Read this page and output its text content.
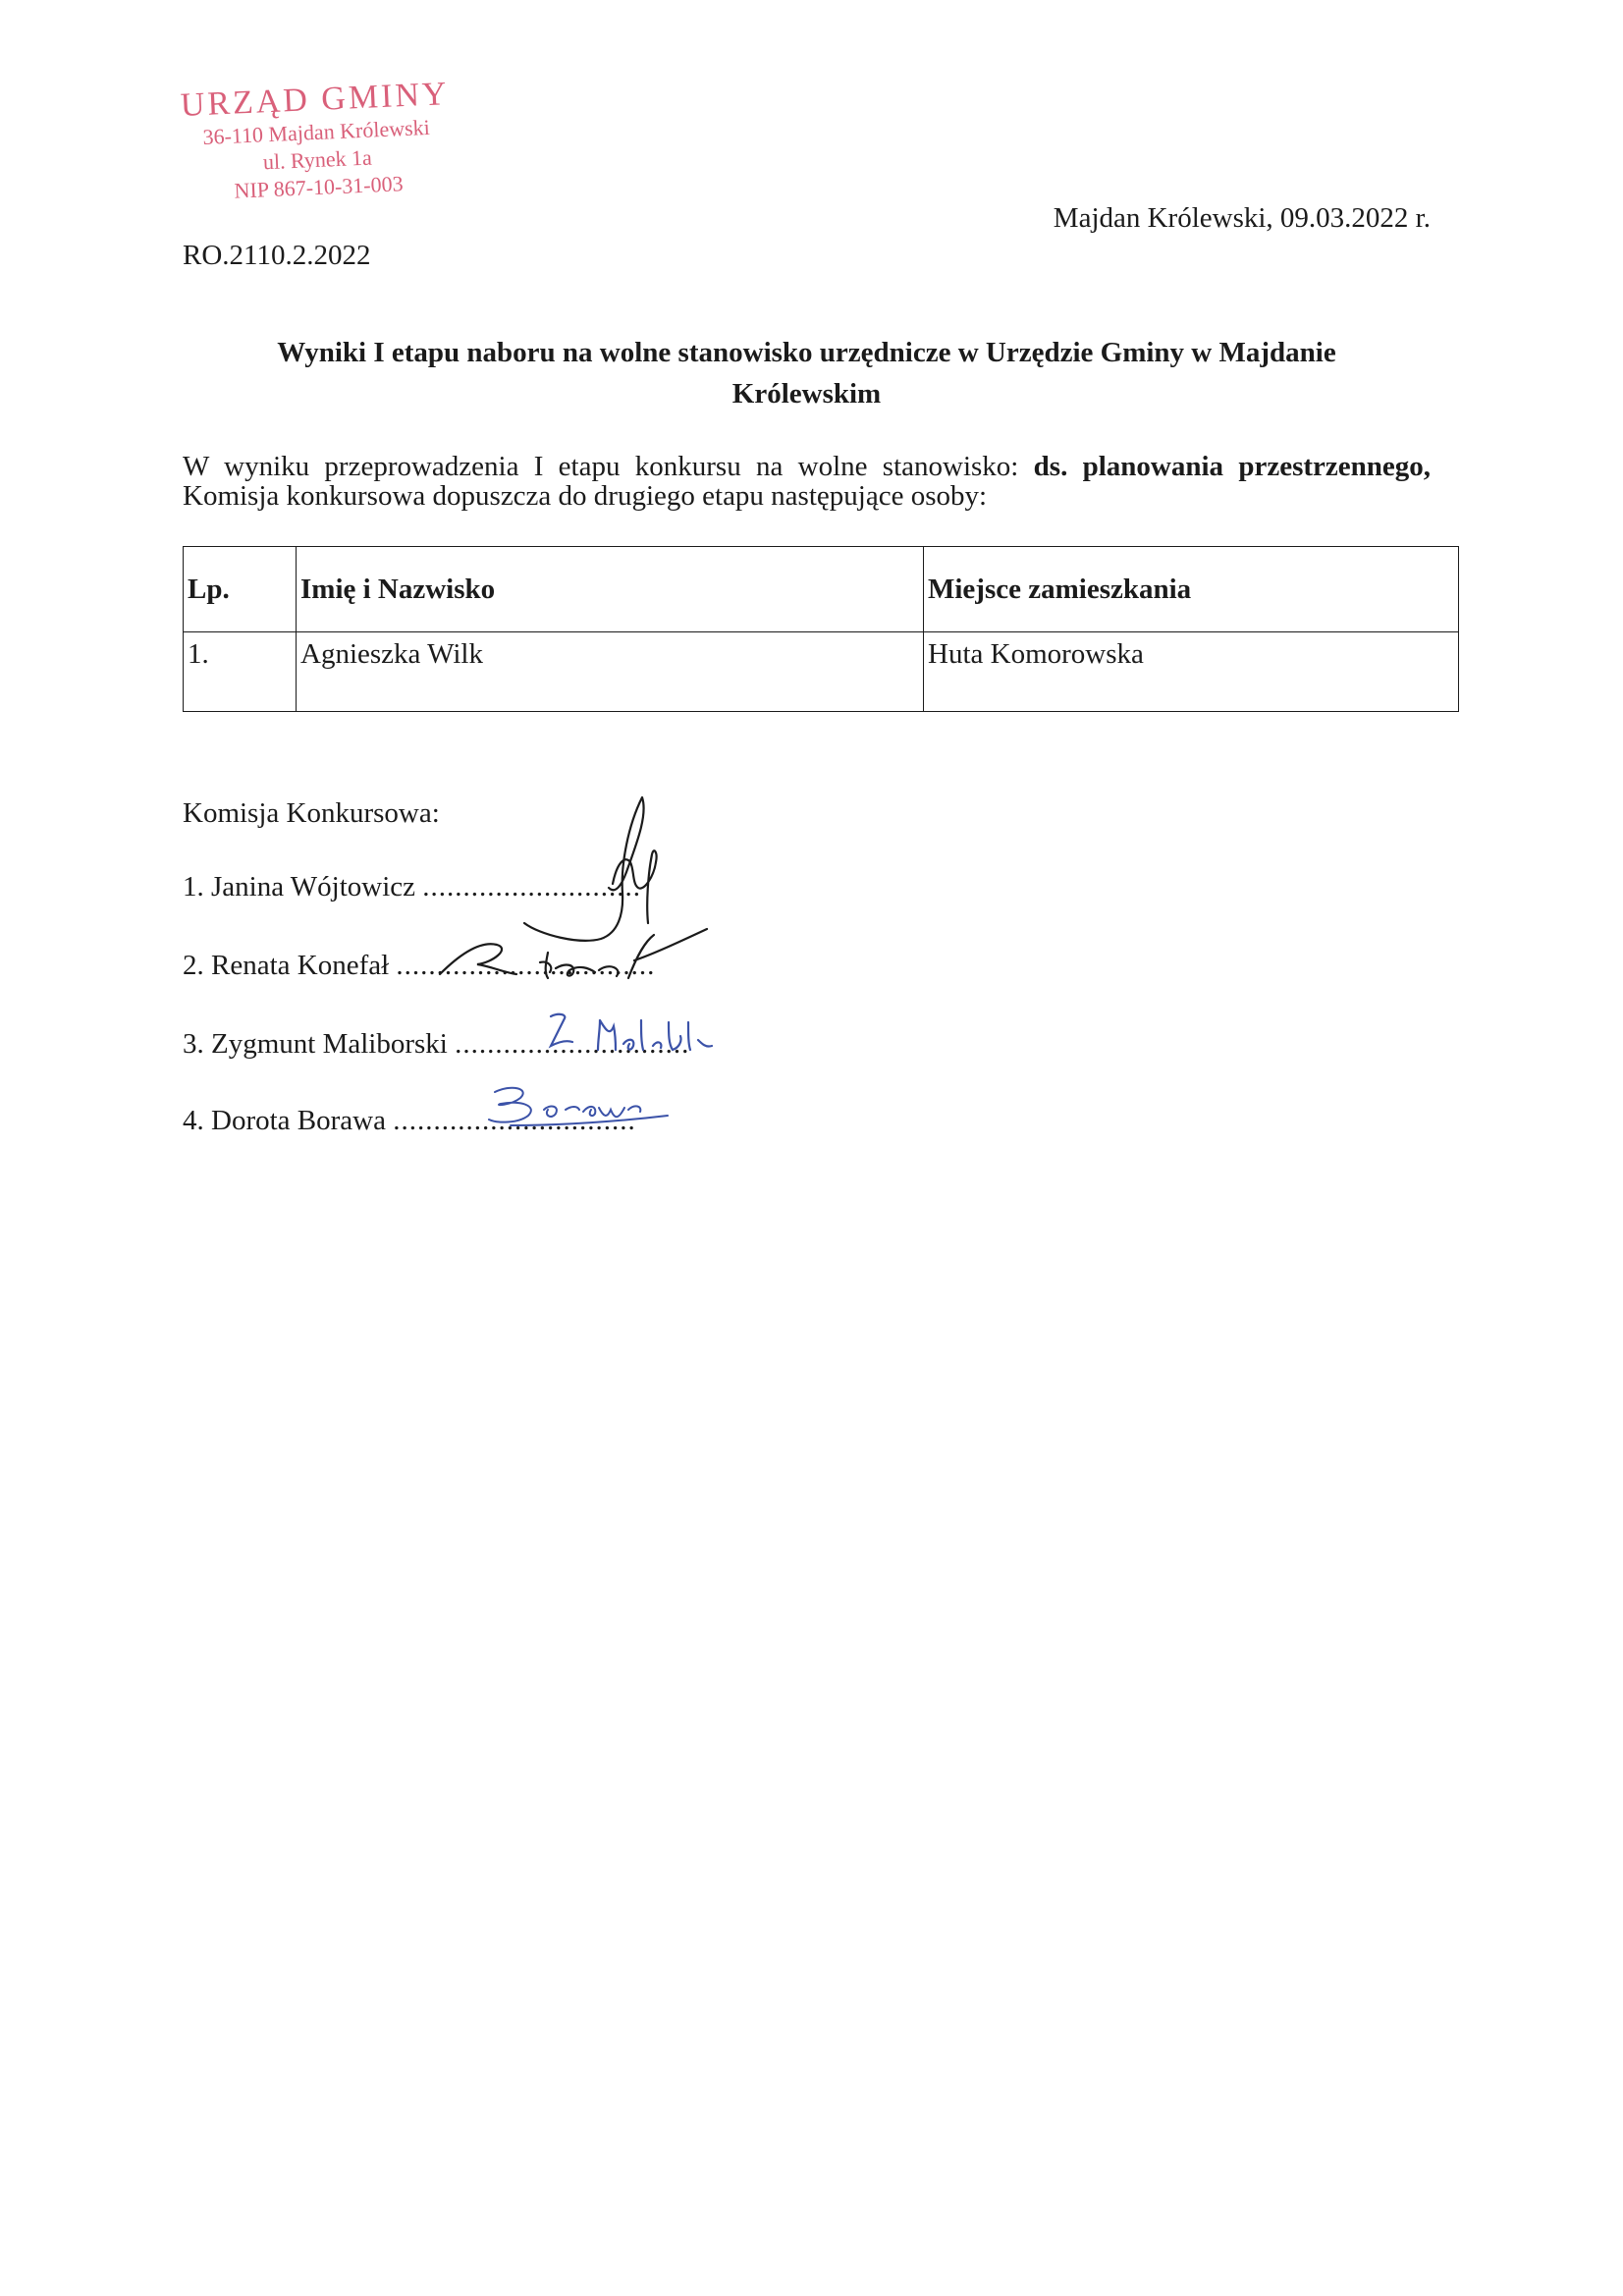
URZĄD GMINY
36-110 Majdan Królewski
ul. Rynek 1a
NIP 867-10-31-003
Majdan Królewski, 09.03.2022 r.
RO.2110.2.2022
Wyniki I etapu naboru na wolne stanowisko urzędnicze w Urzędzie Gminy w Majdanie
Królewskim
W wyniku przeprowadzenia I etapu konkursu na wolne stanowisko: ds. planowania przestrzennego, Komisja konkursowa dopuszcza do drugiego etapu następujące osoby:
Lp.	Imię i Nazwisko	Miejsce zamieszkania
1.	Agnieszka Wilk	Huta Komorowska
Komisja Konkursowa:
1. Janina Wójtowicz ...........................
2. Renata Konefał ................................
3. Zygmunt Maliborski .............................
4. Dorota Borawa ..............................
